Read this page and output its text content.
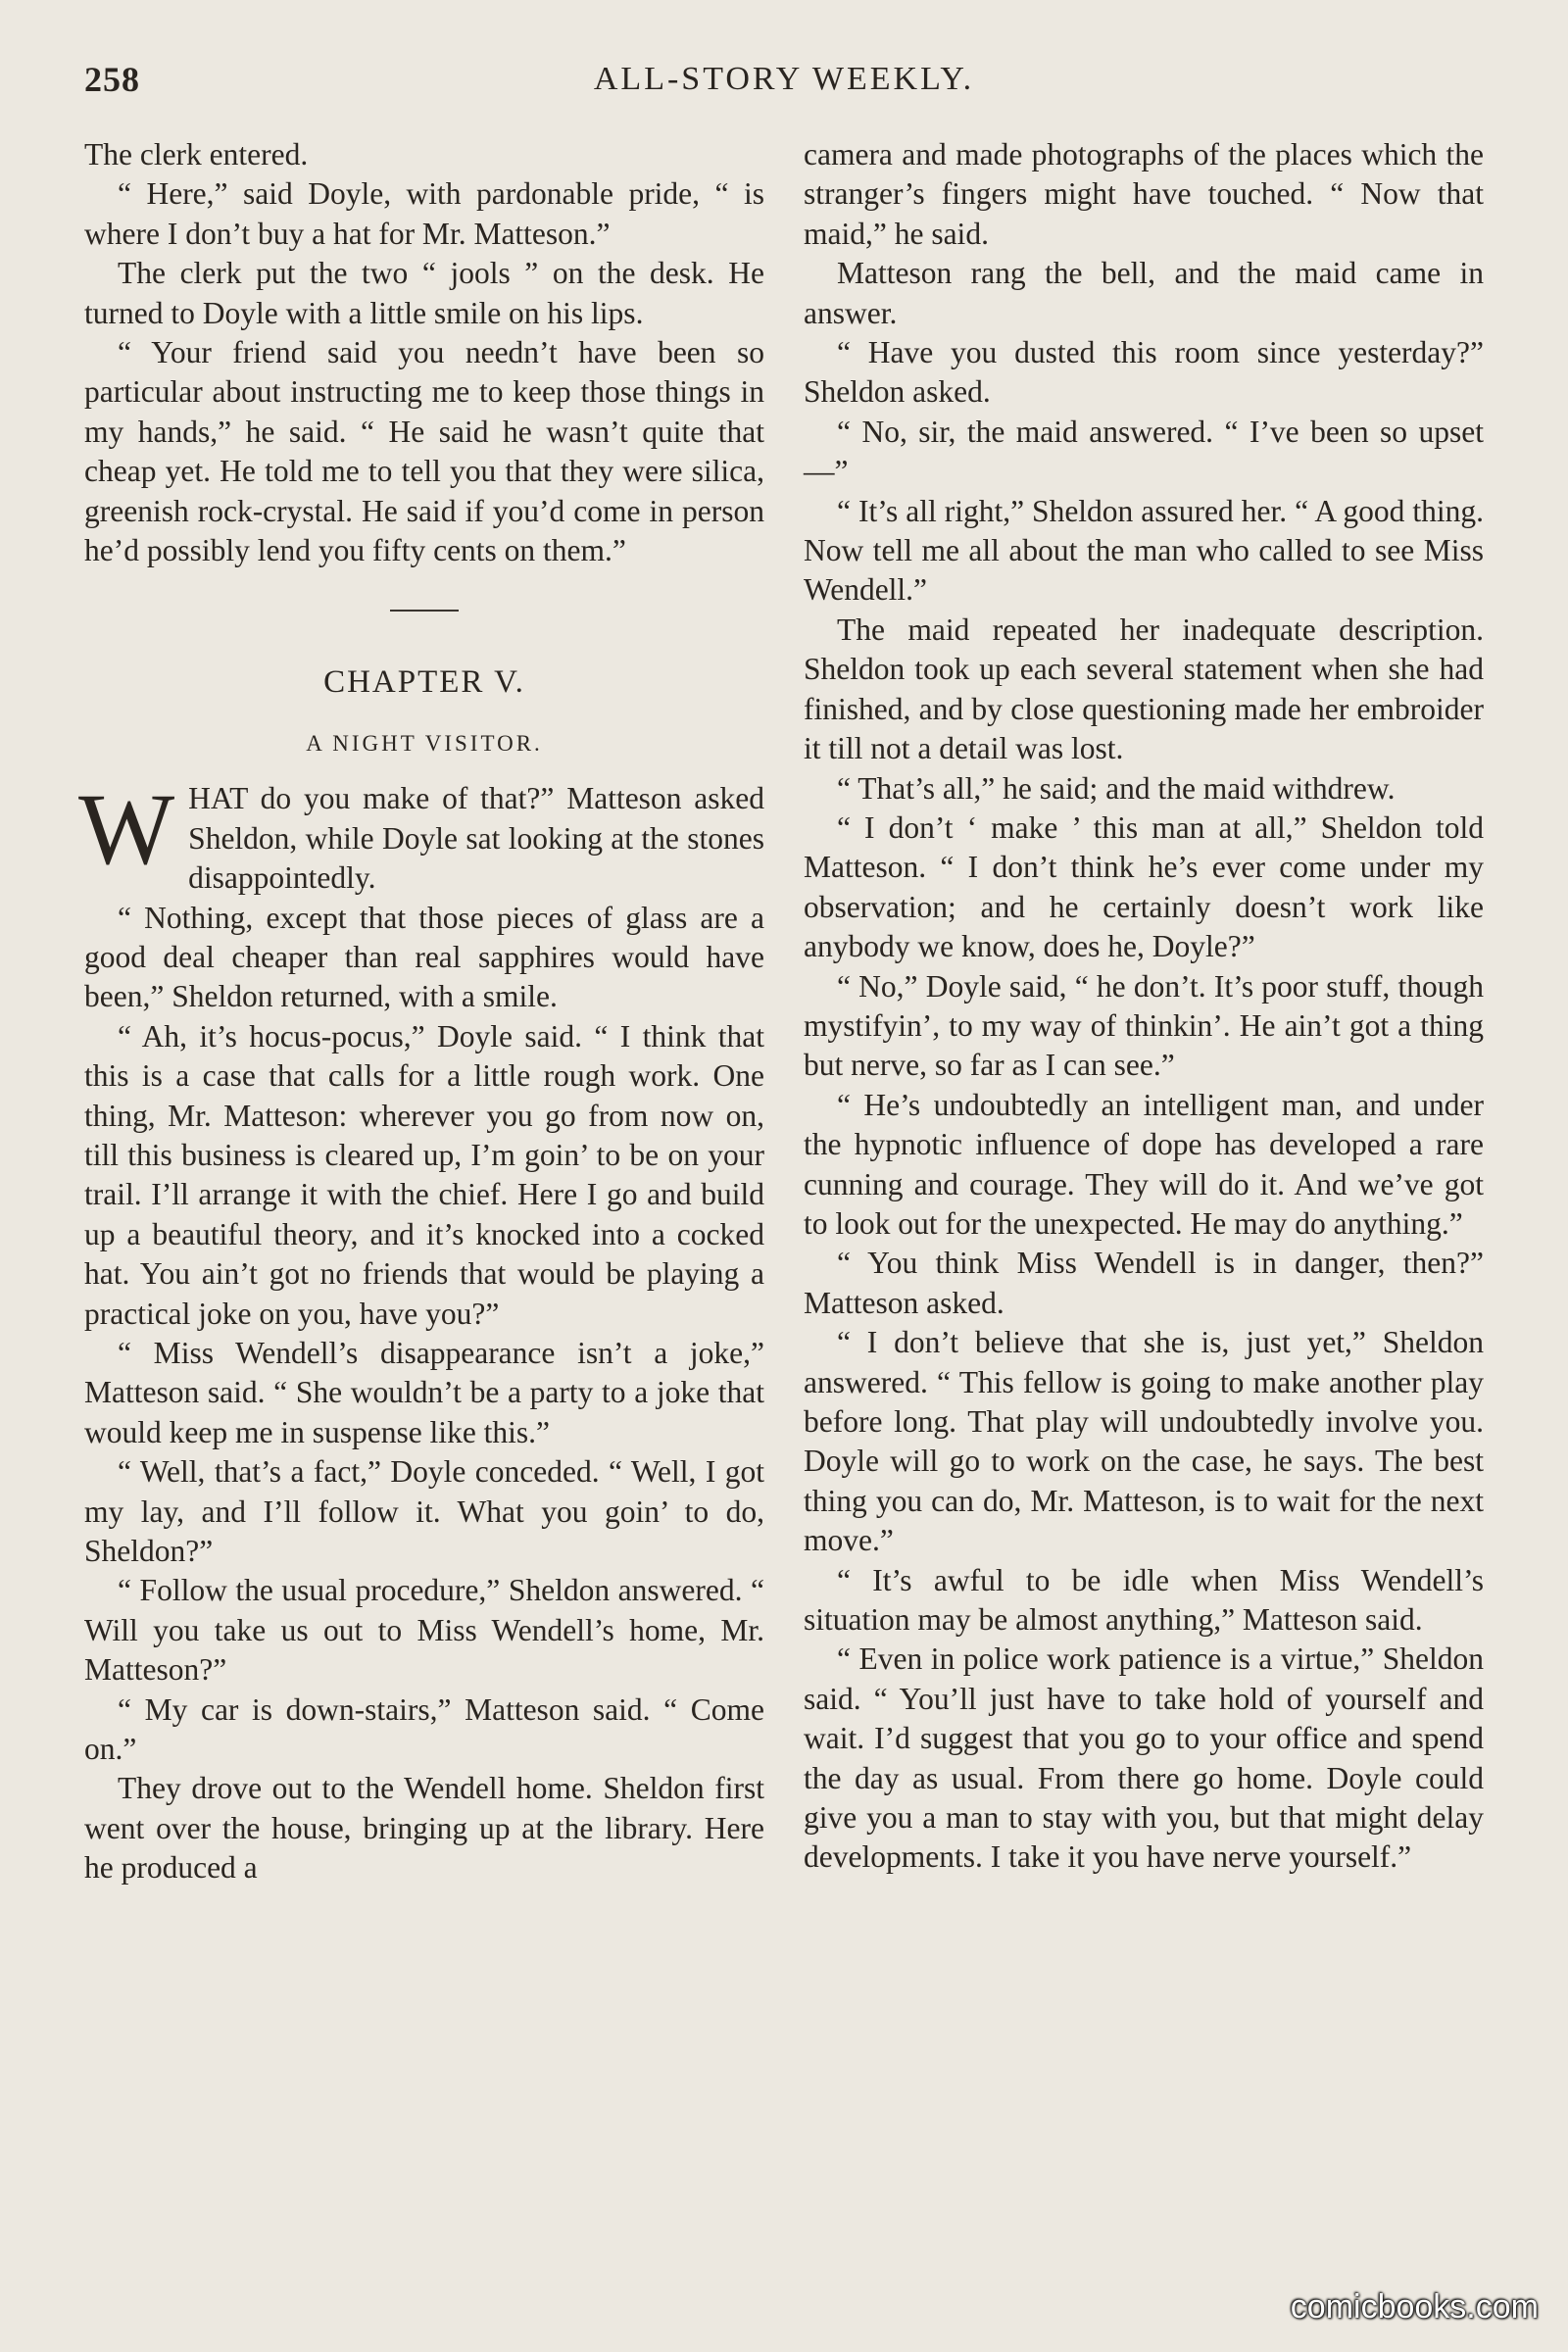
258	ALL-STORY WEEKLY.

The clerk entered.

“ Here,” said Doyle, with pardonable pride, “ is where I don’t buy a hat for Mr. Matteson.”

The clerk put the two “ jools ” on the desk. He turned to Doyle with a little smile on his lips.

“ Your friend said you needn’t have been so particular about instructing me to keep those things in my hands,” he said. “ He said he wasn’t quite that cheap yet. He told me to tell you that they were silica, greenish rock-crystal. He said if you’d come in person he’d possibly lend you fifty cents on them.”

CHAPTER V.
A NIGHT VISITOR.

WHAT do you make of that?” Matteson asked Sheldon, while Doyle sat looking at the stones disappointedly.

“ Nothing, except that those pieces of glass are a good deal cheaper than real sapphires would have been,” Sheldon returned, with a smile.

“ Ah, it’s hocus-pocus,” Doyle said. “ I think that this is a case that calls for a little rough work. One thing, Mr. Matteson: wherever you go from now on, till this business is cleared up, I’m goin’ to be on your trail. I’ll arrange it with the chief. Here I go and build up a beautiful theory, and it’s knocked into a cocked hat. You ain’t got no friends that would be playing a practical joke on you, have you?”

“ Miss Wendell’s disappearance isn’t a joke,” Matteson said. “ She wouldn’t be a party to a joke that would keep me in suspense like this.”

“ Well, that’s a fact,” Doyle conceded. “ Well, I got my lay, and I’ll follow it. What you goin’ to do, Sheldon?”

“ Follow the usual procedure,” Sheldon answered. “ Will you take us out to Miss Wendell’s home, Mr. Matteson?”

“ My car is down-stairs,” Matteson said. “ Come on.”

They drove out to the Wendell home. Sheldon first went over the house, bringing up at the library. Here he produced a

camera and made photographs of the places which the stranger’s fingers might have touched. “ Now that maid,” he said.

Matteson rang the bell, and the maid came in answer.

“ Have you dusted this room since yesterday?” Sheldon asked.

“ No, sir, the maid answered. “ I’ve been so upset—”

“ It’s all right,” Sheldon assured her. “ A good thing. Now tell me all about the man who called to see Miss Wendell.”

The maid repeated her inadequate description. Sheldon took up each several statement when she had finished, and by close questioning made her embroider it till not a detail was lost.

“ That’s all,” he said; and the maid withdrew.

“ I don’t ‘ make ’ this man at all,” Sheldon told Matteson. “ I don’t think he’s ever come under my observation; and he certainly doesn’t work like anybody we know, does he, Doyle?”

“ No,” Doyle said, “ he don’t. It’s poor stuff, though mystifyin’, to my way of thinkin’. He ain’t got a thing but nerve, so far as I can see.”

“ He’s undoubtedly an intelligent man, and under the hypnotic influence of dope has developed a rare cunning and courage. They will do it. And we’ve got to look out for the unexpected. He may do anything.”

“ You think Miss Wendell is in danger, then?” Matteson asked.

“ I don’t believe that she is, just yet,” Sheldon answered. “ This fellow is going to make another play before long. That play will undoubtedly involve you. Doyle will go to work on the case, he says. The best thing you can do, Mr. Matteson, is to wait for the next move.”

“ It’s awful to be idle when Miss Wendell’s situation may be almost anything,” Matteson said.

“ Even in police work patience is a virtue,” Sheldon said. “ You’ll just have to take hold of yourself and wait. I’d suggest that you go to your office and spend the day as usual. From there go home. Doyle could give you a man to stay with you, but that might delay developments. I take it you have nerve yourself.”

comicbooks.com
